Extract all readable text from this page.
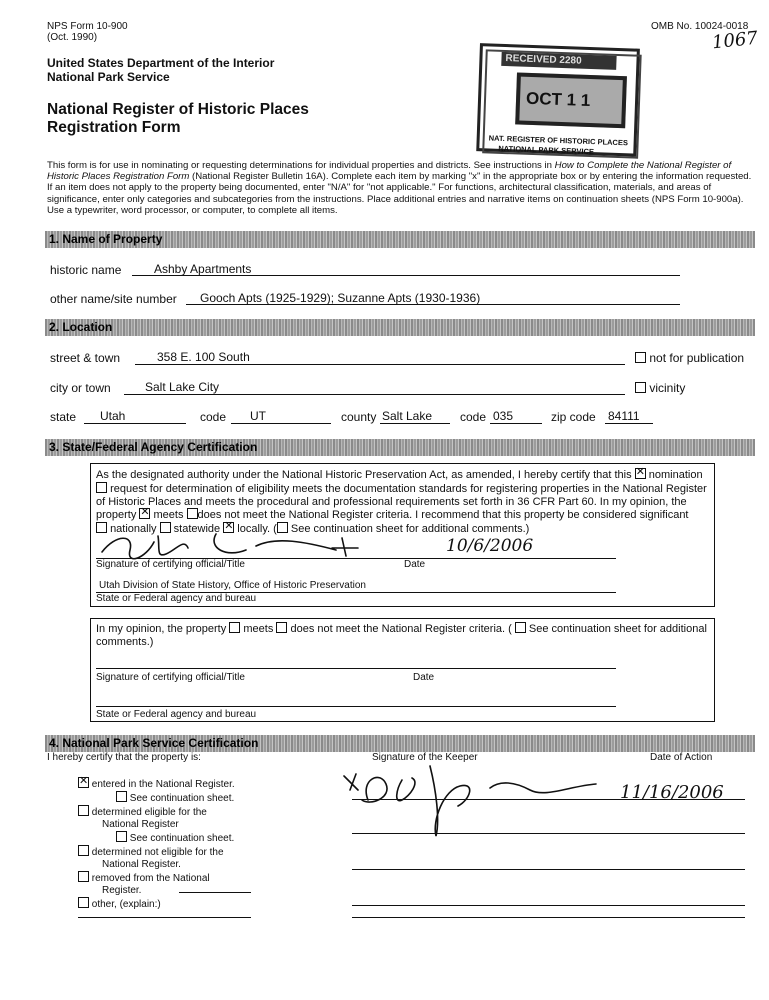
NPS Form 10-900
(Oct. 1990)
OMB No. 10024-0018
1067
United States Department of the Interior
National Park Service
National Register of Historic Places
Registration Form
RECEIVED 2280
OCT 1 1
NAT. REGISTER OF HISTORIC PLACES
NATIONAL PARK SERVICE
This form is for use in nominating or requesting determinations for individual properties and districts. See instructions in How to Complete the National Register of Historic Places Registration Form (National Register Bulletin 16A). Complete each item by marking "x" in the appropriate box or by entering the information requested. If an item does not apply to the property being documented, enter "N/A" for "not applicable." For functions, architectural classification, materials, and areas of significance, enter only categories and subcategories from the instructions. Place additional entries and narrative items on continuation sheets (NPS Form 10-900a). Use a typewriter, word processor, or computer, to complete all items.
1. Name of Property
historic name	Ashby Apartments
other name/site number Gooch Apts (1925-1929); Suzanne Apts (1930-1936)
2. Location
street & town	358 E. 100 South	not for publication
city or town	Salt Lake City	vicinity
state Utah	code UT	county Salt Lake code 035	zip code 84111
3. State/Federal Agency Certification
As the designated authority under the National Historic Preservation Act, as amended, I hereby certify that this ✕ nomination
request for determination of eligibility meets the documentation standards for registering properties in the National Register
of Historic Places and meets the procedural and professional requirements set forth in 36 CFR Part 60. In my opinion, the
property ✕ meets does not meet the National Register criteria. I recommend that this property be considered significant
nationally statewide ✕ locally. ( See continuation sheet for additional comments.)
10/6/2006
Signature of certifying official/Title	Date
Utah Division of State History, Office of Historic Preservation
State or Federal agency and bureau
In my opinion, the property meets does not meet the National Register criteria. ( See continuation sheet for additional
comments.)
Signature of certifying official/Title	Date
State or Federal agency and bureau
4. National Park Service Certification
I hereby certify that the property is:	Signature of the Keeper	Date of Action
✕ entered in the National Register.
See continuation sheet.
determined eligible for the
National Register
See continuation sheet.
determined not eligible for the
National Register.
removed from the National
Register.
other, (explain:)
11/16/2006
